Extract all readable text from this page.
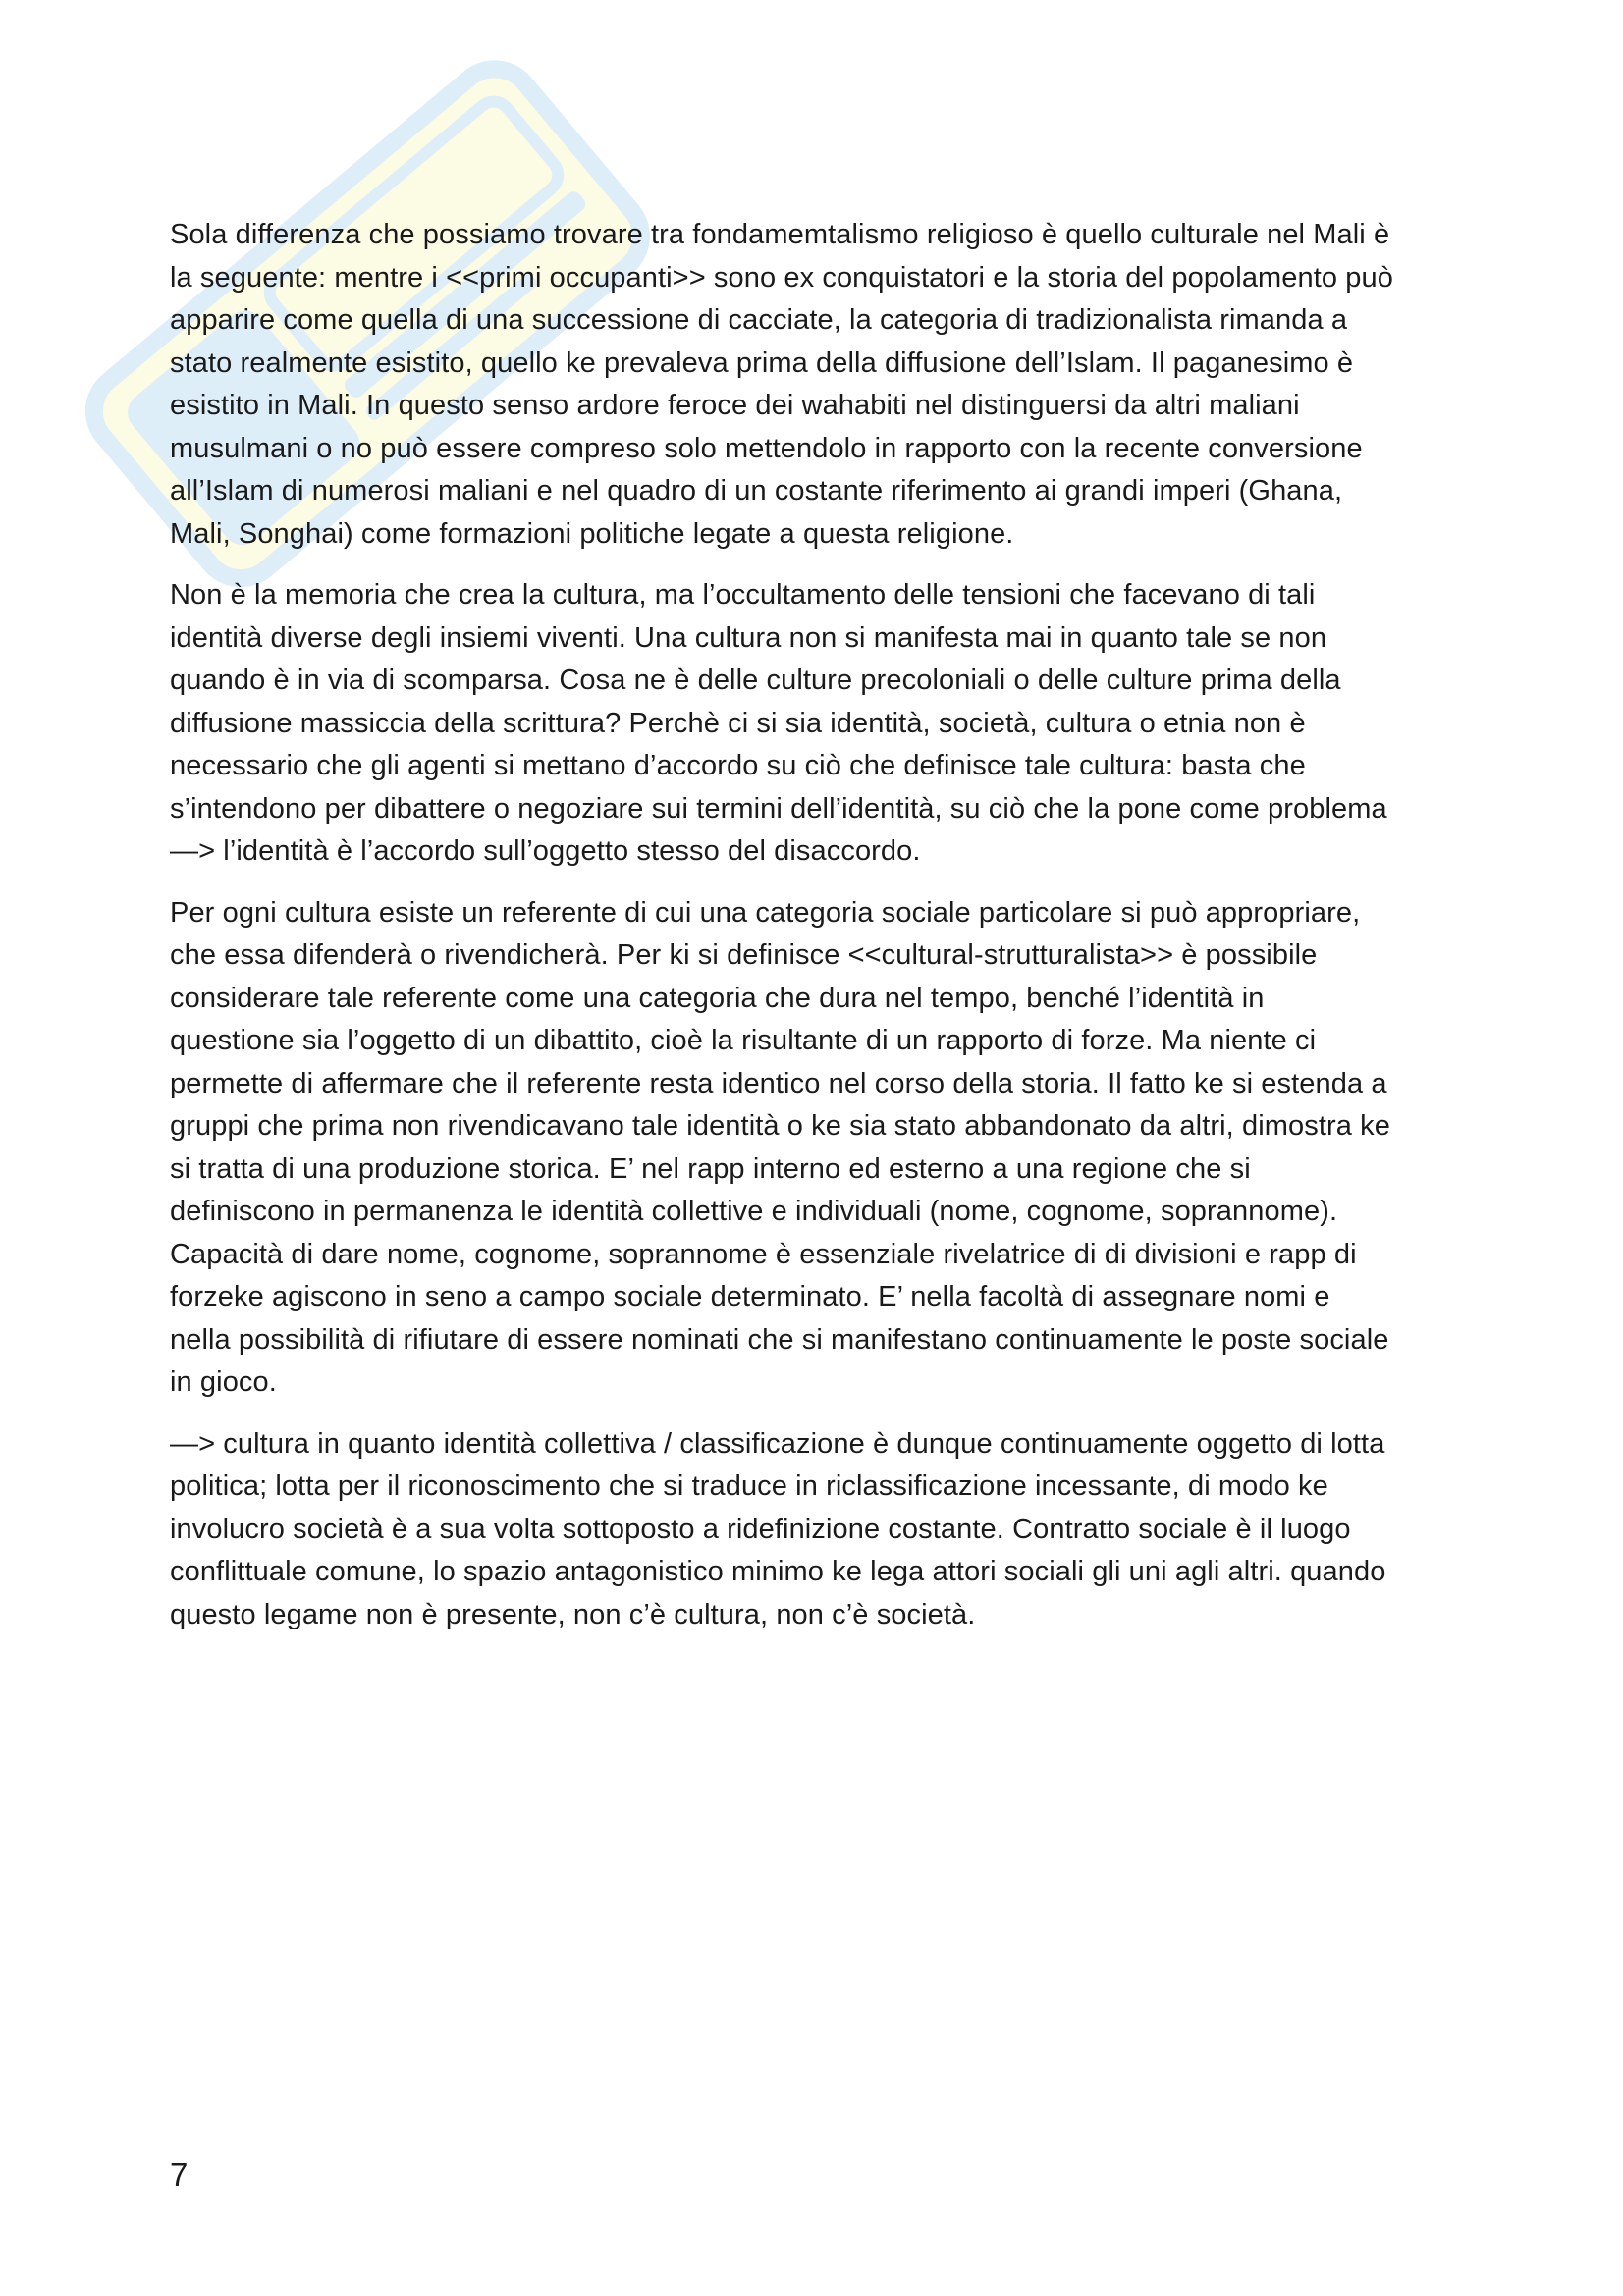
Sola differenza che possiamo trovare tra fondamemtalismo religioso è quello culturale nel Mali è
la seguente: mentre i <<primi occupanti>> sono ex conquistatori e la storia del popolamento può
apparire come quella di una successione di cacciate, la categoria di tradizionalista rimanda a
stato realmente esistito, quello ke prevaleva prima della diffusione dell’Islam. Il paganesimo è
esistito in Mali. In questo senso ardore feroce dei wahabiti nel distinguersi da altri maliani
musulmani o no può essere compreso solo mettendolo in rapporto con la recente conversione
all’Islam di numerosi maliani e nel quadro di un costante riferimento ai grandi imperi (Ghana,
Mali, Songhai) come formazioni politiche legate a questa religione.

Non è la memoria che crea la cultura, ma l’occultamento delle tensioni che facevano di tali
identità diverse degli insiemi viventi. Una cultura non si manifesta mai in quanto tale se non
quando è in via di scomparsa. Cosa ne è delle culture precoloniali o delle culture prima della
diffusione massiccia della scrittura? Perchè ci si sia identità, società, cultura o etnia non è
necessario che gli agenti si mettano d’accordo su ciò che definisce tale cultura: basta che
s’intendono per dibattere o negoziare sui termini dell’identità, su ciò che la pone come problema
—> l’identità è l’accordo sull’oggetto stesso del disaccordo.

Per ogni cultura esiste un referente di cui una categoria sociale particolare si può appropriare,
che essa difenderà o rivendicherà. Per ki si definisce <<cultural-strutturalista>> è possibile
considerare tale referente come una categoria che dura nel tempo, benché l’identità in
questione sia l’oggetto di un dibattito, cioè la risultante di un rapporto di forze. Ma niente ci
permette di affermare che il referente resta identico nel corso della storia. Il fatto ke si estenda a
gruppi che prima non rivendicavano tale identità o ke sia stato abbandonato da altri, dimostra ke
si tratta di una produzione storica. E’ nel rapp interno ed esterno a una regione che si
definiscono in permanenza le identità collettive e individuali (nome, cognome, soprannome).
Capacità di dare nome, cognome, soprannome è essenziale rivelatrice di di divisioni e rapp di
forzeke agiscono in seno a campo sociale determinato. E’ nella facoltà di assegnare nomi e
nella possibilità di rifiutare di essere nominati che si manifestano continuamente le poste sociale
in gioco.

—> cultura in quanto identità collettiva / classificazione è dunque continuamente oggetto di lotta
politica; lotta per il riconoscimento che si traduce in riclassificazione incessante, di modo ke
involucro società è a sua volta sottoposto a ridefinizione costante. Contratto sociale è il luogo
conflittuale comune, lo spazio antagonistico minimo ke lega attori sociali gli uni agli altri. quando
questo legame non è presente, non c’è cultura, non c’è società.

7
